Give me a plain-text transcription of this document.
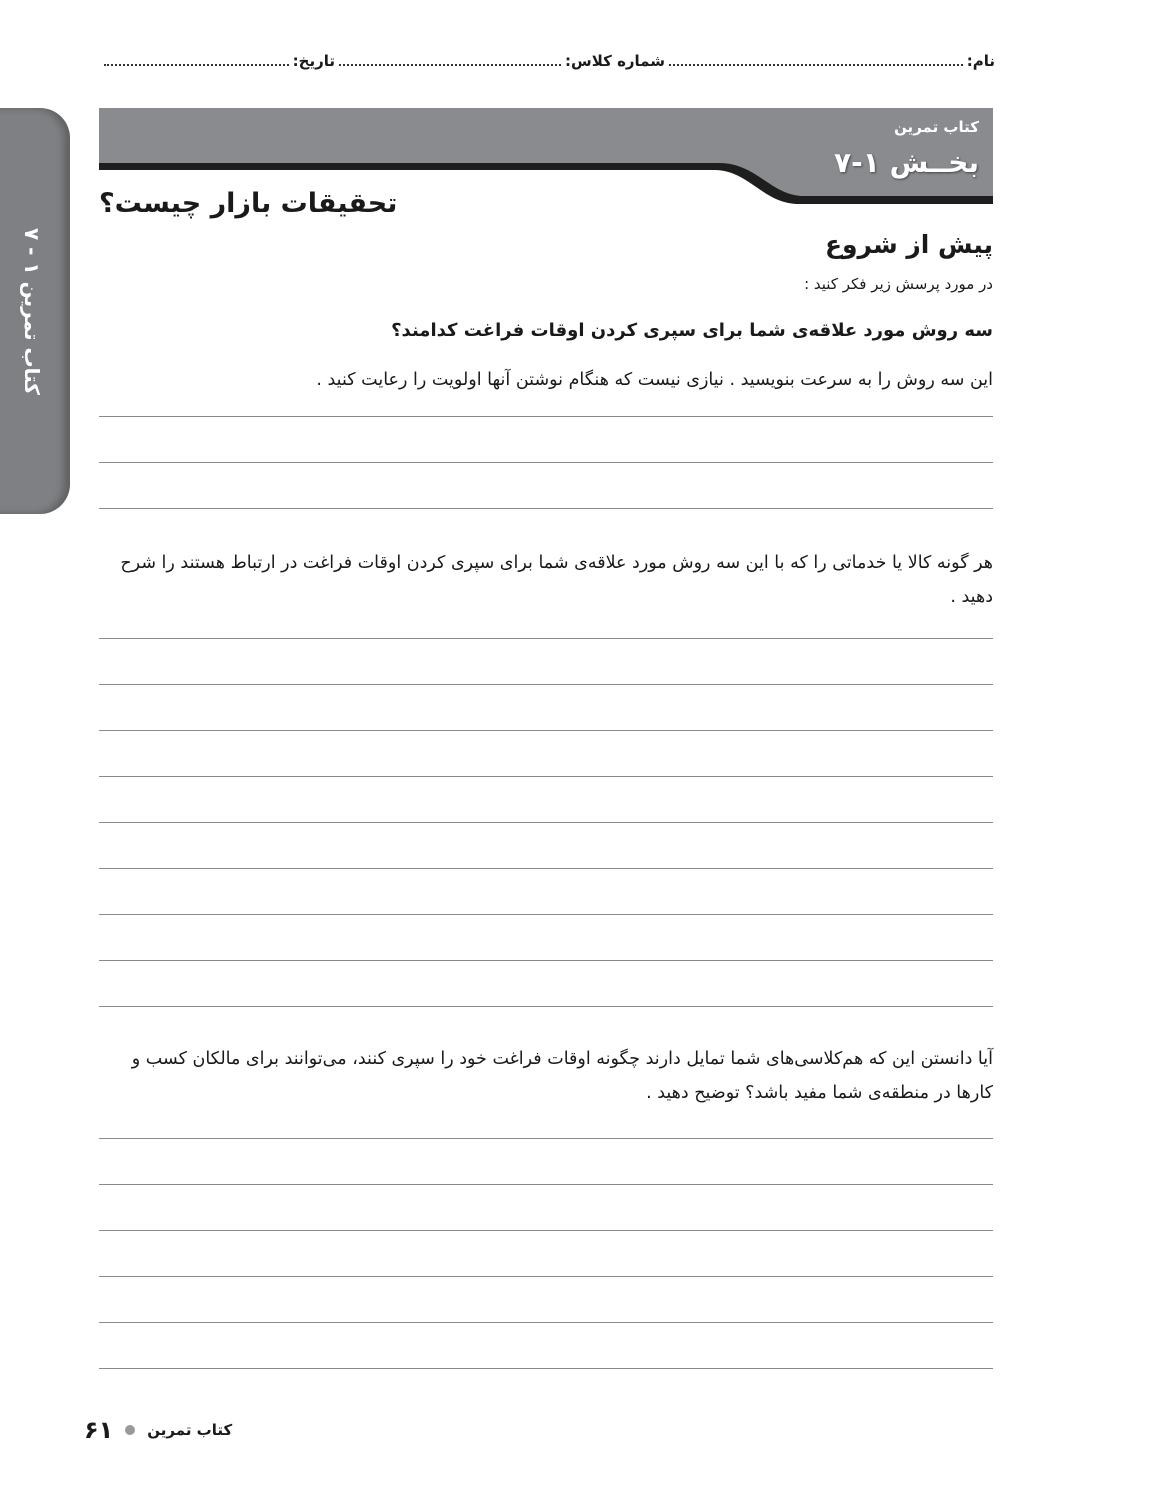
نام:
شماره کلاس:
تاریخ:
کتاب تمرین ۱ - ۷
کتاب تمرین
بخــش ۱-۷
تحقیقات بازار چیست؟
پیش از شروع
در مورد پرسش زیر فکر کنید :
سه روش مورد علاقه‌ی شما برای سپری کردن اوقات فراغت کدامند؟
این سه روش را به سرعت بنویسید . نیازی نیست که هنگام نوشتن آنها اولویت را رعایت کنید .
هر گونه کالا یا خدماتی را که با این سه روش مورد علاقه‌ی شما برای سپری کردن اوقات فراغت در ارتباط هستند را شرح دهید .
آیا دانستن این که هم‌کلاسی‌های شما تمایل دارند چگونه اوقات فراغت خود را سپری کنند، می‌توانند برای مالکان کسب و کارها در منطقه‌ی شما مفید باشد؟ توضیح دهید .
۶۱ کتاب تمرین
